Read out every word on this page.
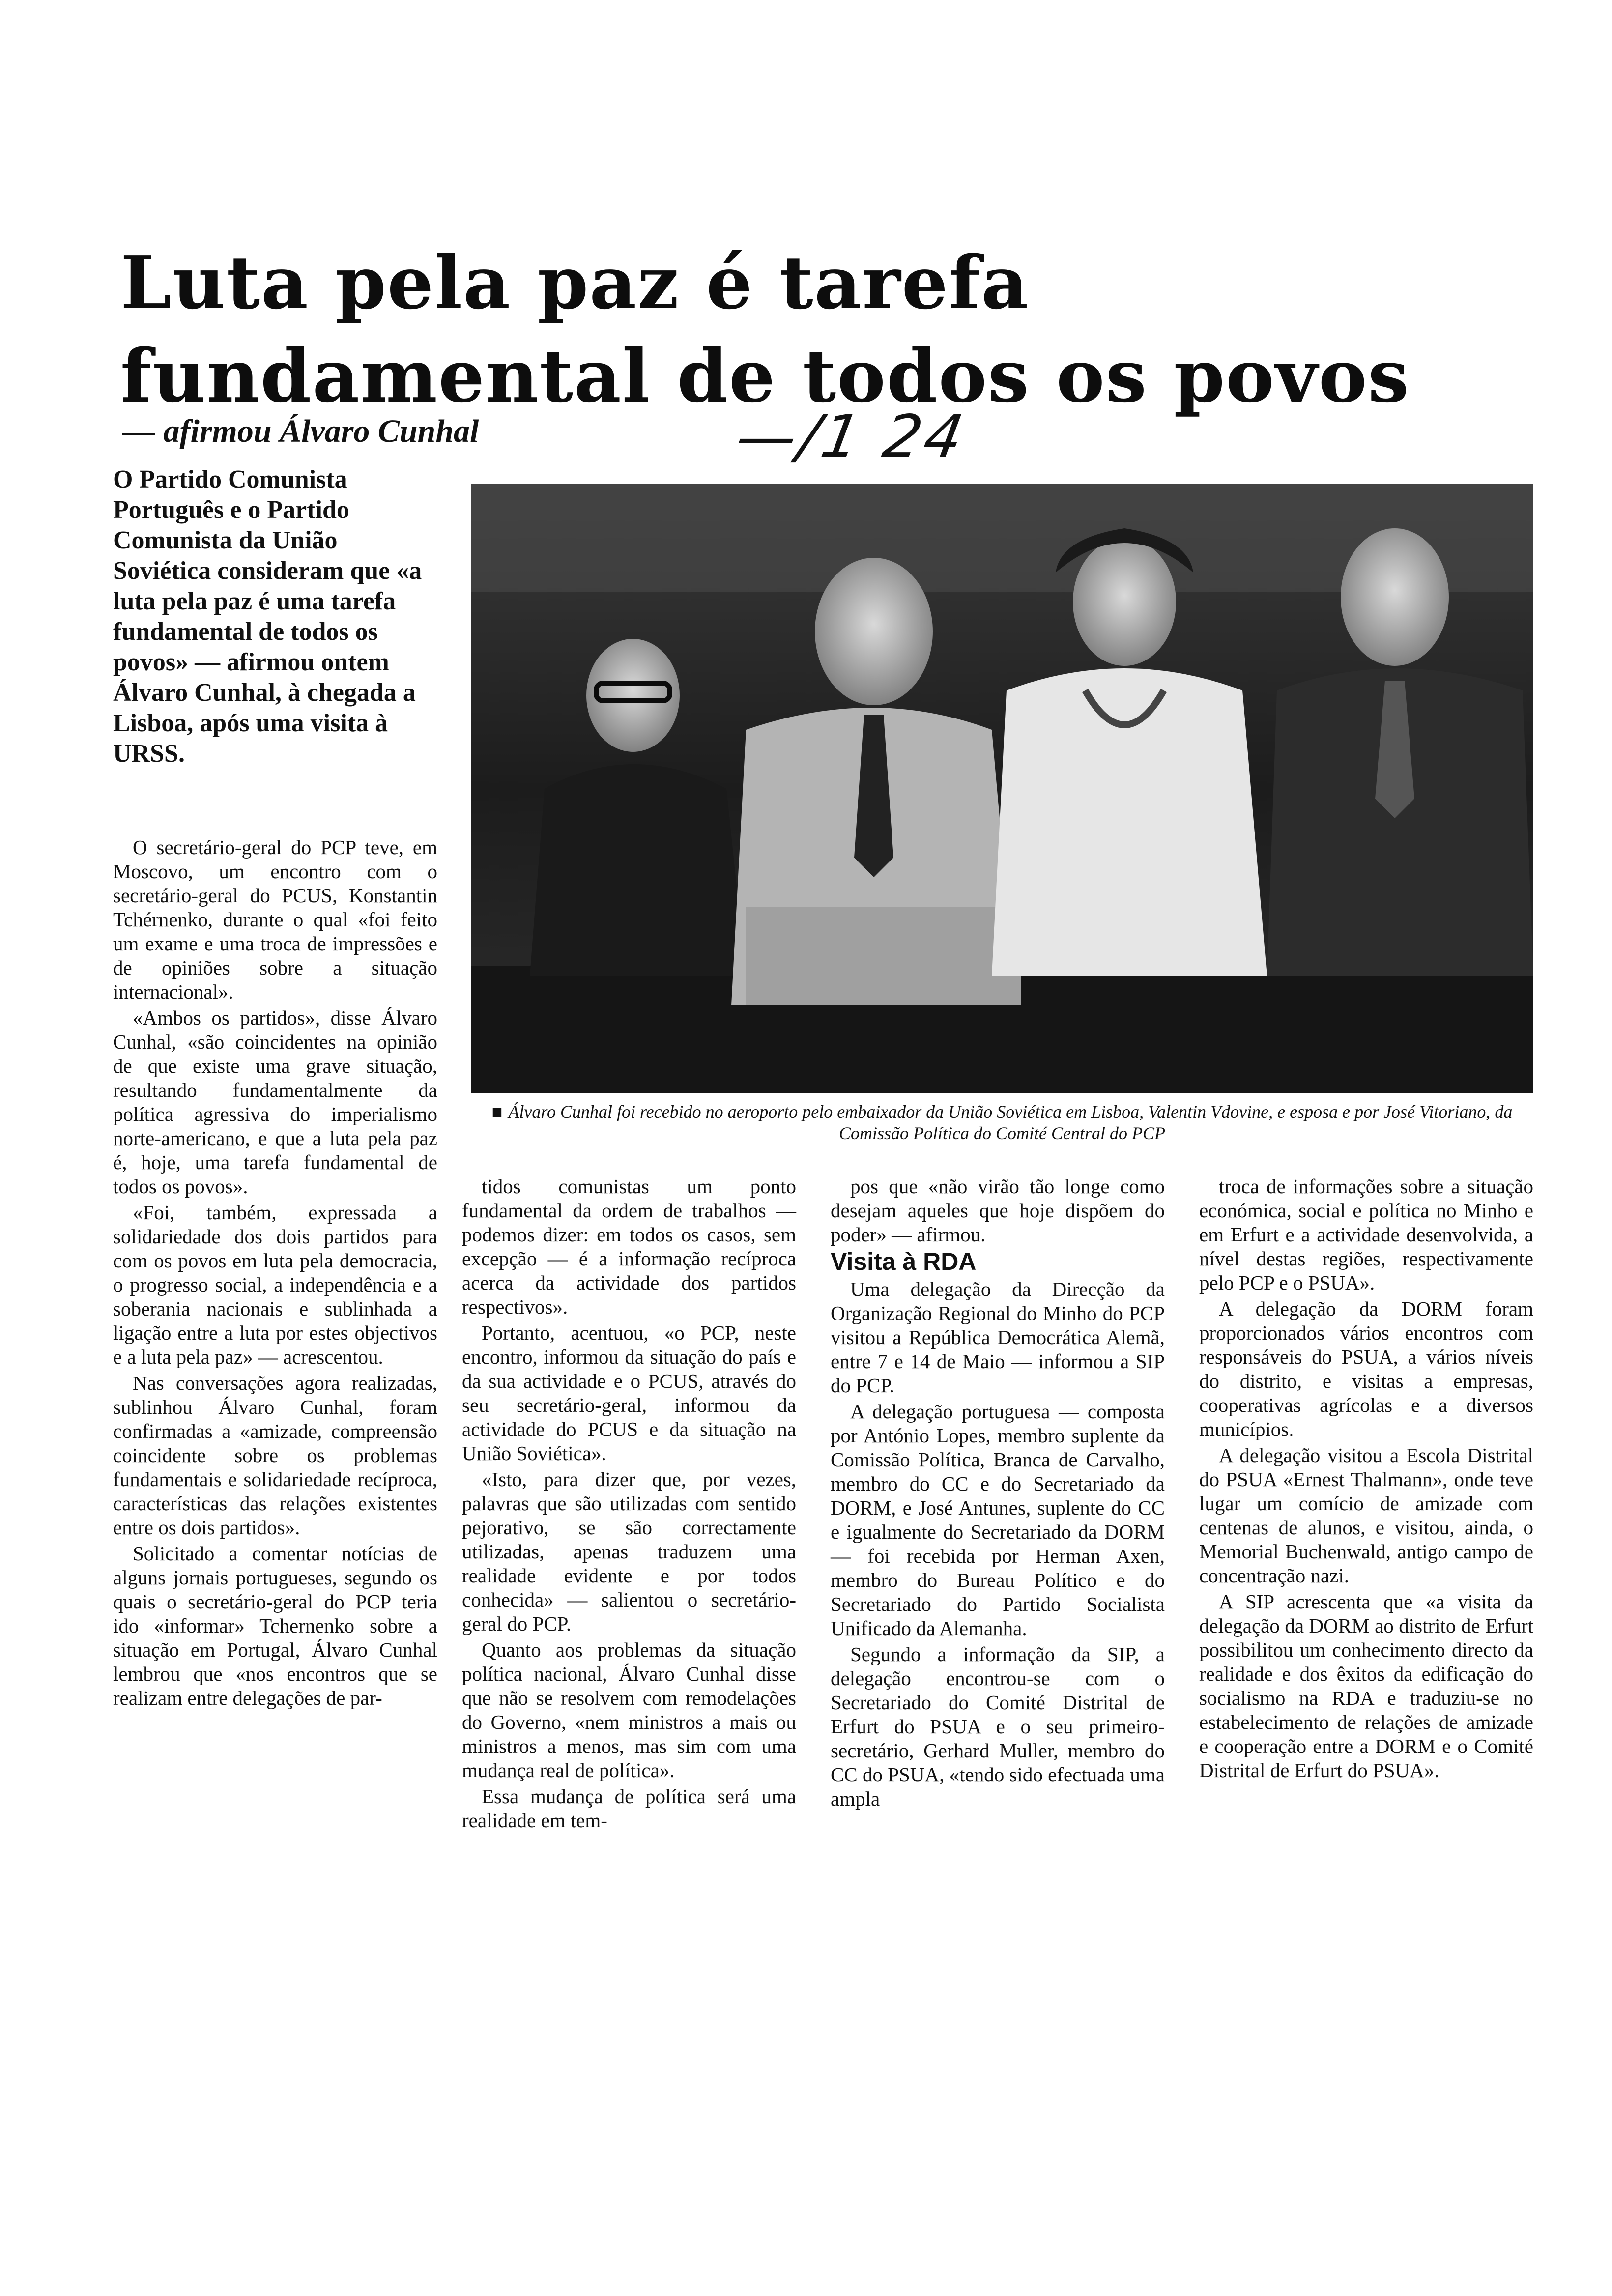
Luta pela paz é tarefa
fundamental de todos os povos
— afirmou Álvaro Cunhal	—/1 24

O Partido Comunista Português e o Partido Comunista da União Soviética consideram que «a luta pela paz é uma tarefa fundamental de todos os povos» — afirmou ontem Álvaro Cunhal, à chegada a Lisboa, após uma visita à URSS.

■ Álvaro Cunhal foi recebido no aeroporto pelo embaixador da União Soviética em Lisboa, Valentin Vdovine, e esposa e por José Vitoriano, da Comissão Política do Comité Central do PCP

O secretário-geral do PCP teve, em Moscovo, um encontro com o secretário-geral do PCUS, Konstantin Tchérnenko, durante o qual «foi feito um exame e uma troca de impressões e de opiniões sobre a situação internacional».

«Ambos os partidos», disse Álvaro Cunhal, «são coincidentes na opinião de que existe uma grave situação, resultando fundamentalmente da política agressiva do imperialismo norte-americano, e que a luta pela paz é, hoje, uma tarefa fundamental de todos os povos».

«Foi, também, expressada a solidariedade dos dois partidos para com os povos em luta pela democracia, o progresso social, a independência e a soberania nacionais e sublinhada a ligação entre a luta por estes objectivos e a luta pela paz» — acrescentou.

Nas conversações agora realizadas, sublinhou Álvaro Cunhal, foram confirmadas a «amizade, compreensão coincidente sobre os problemas fundamentais e solidariedade recíproca, características das relações existentes entre os dois partidos».

Solicitado a comentar notícias de alguns jornais portugueses, segundo os quais o secretário-geral do PCP teria ido «informar» Tchernenko sobre a situação em Portugal, Álvaro Cunhal lembrou que «nos encontros que se realizam entre delegações de par-

tidos comunistas um ponto fundamental da ordem de trabalhos — podemos dizer: em todos os casos, sem excepção — é a informação recíproca acerca da actividade dos partidos respectivos».

Portanto, acentuou, «o PCP, neste encontro, informou da situação do país e da sua actividade e o PCUS, através do seu secretário-geral, informou da actividade do PCUS e da situação na União Soviética».

«Isto, para dizer que, por vezes, palavras que são utilizadas com sentido pejorativo, se são correctamente utilizadas, apenas traduzem uma realidade evidente e por todos conhecida» — salientou o secretário-geral do PCP.

Quanto aos problemas da situação política nacional, Álvaro Cunhal disse que não se resolvem com remodelações do Governo, «nem ministros a mais ou ministros a menos, mas sim com uma mudança real de política».

Essa mudança de política será uma realidade em tem-

pos que «não virão tão longe como desejam aqueles que hoje dispõem do poder» — afirmou.

Visita à RDA

Uma delegação da Direcção da Organização Regional do Minho do PCP visitou a República Democrática Alemã, entre 7 e 14 de Maio — informou a SIP do PCP.

A delegação portuguesa — composta por António Lopes, membro suplente da Comissão Política, Branca de Carvalho, membro do CC e do Secretariado da DORM, e José Antunes, suplente do CC e igualmente do Secretariado da DORM — foi recebida por Herman Axen, membro do Bureau Político e do Secretariado do Partido Socialista Unificado da Alemanha.

Segundo a informação da SIP, a delegação encontrou-se com o Secretariado do Comité Distrital de Erfurt do PSUA e o seu primeiro-secretário, Gerhard Muller, membro do CC do PSUA, «tendo sido efectuada uma ampla

troca de informações sobre a situação económica, social e política no Minho e em Erfurt e a actividade desenvolvida, a nível destas regiões, respectivamente pelo PCP e o PSUA».

A delegação da DORM foram proporcionados vários encontros com responsáveis do PSUA, a vários níveis do distrito, e visitas a empresas, cooperativas agrícolas e a diversos municípios.

A delegação visitou a Escola Distrital do PSUA «Ernest Thalmann», onde teve lugar um comício de amizade com centenas de alunos, e visitou, ainda, o Memorial Buchenwald, antigo campo de concentração nazi.

A SIP acrescenta que «a visita da delegação da DORM ao distrito de Erfurt possibilitou um conhecimento directo da realidade e dos êxitos da edificação do socialismo na RDA e traduziu-se no estabelecimento de relações de amizade e cooperação entre a DORM e o Comité Distrital de Erfurt do PSUA».
